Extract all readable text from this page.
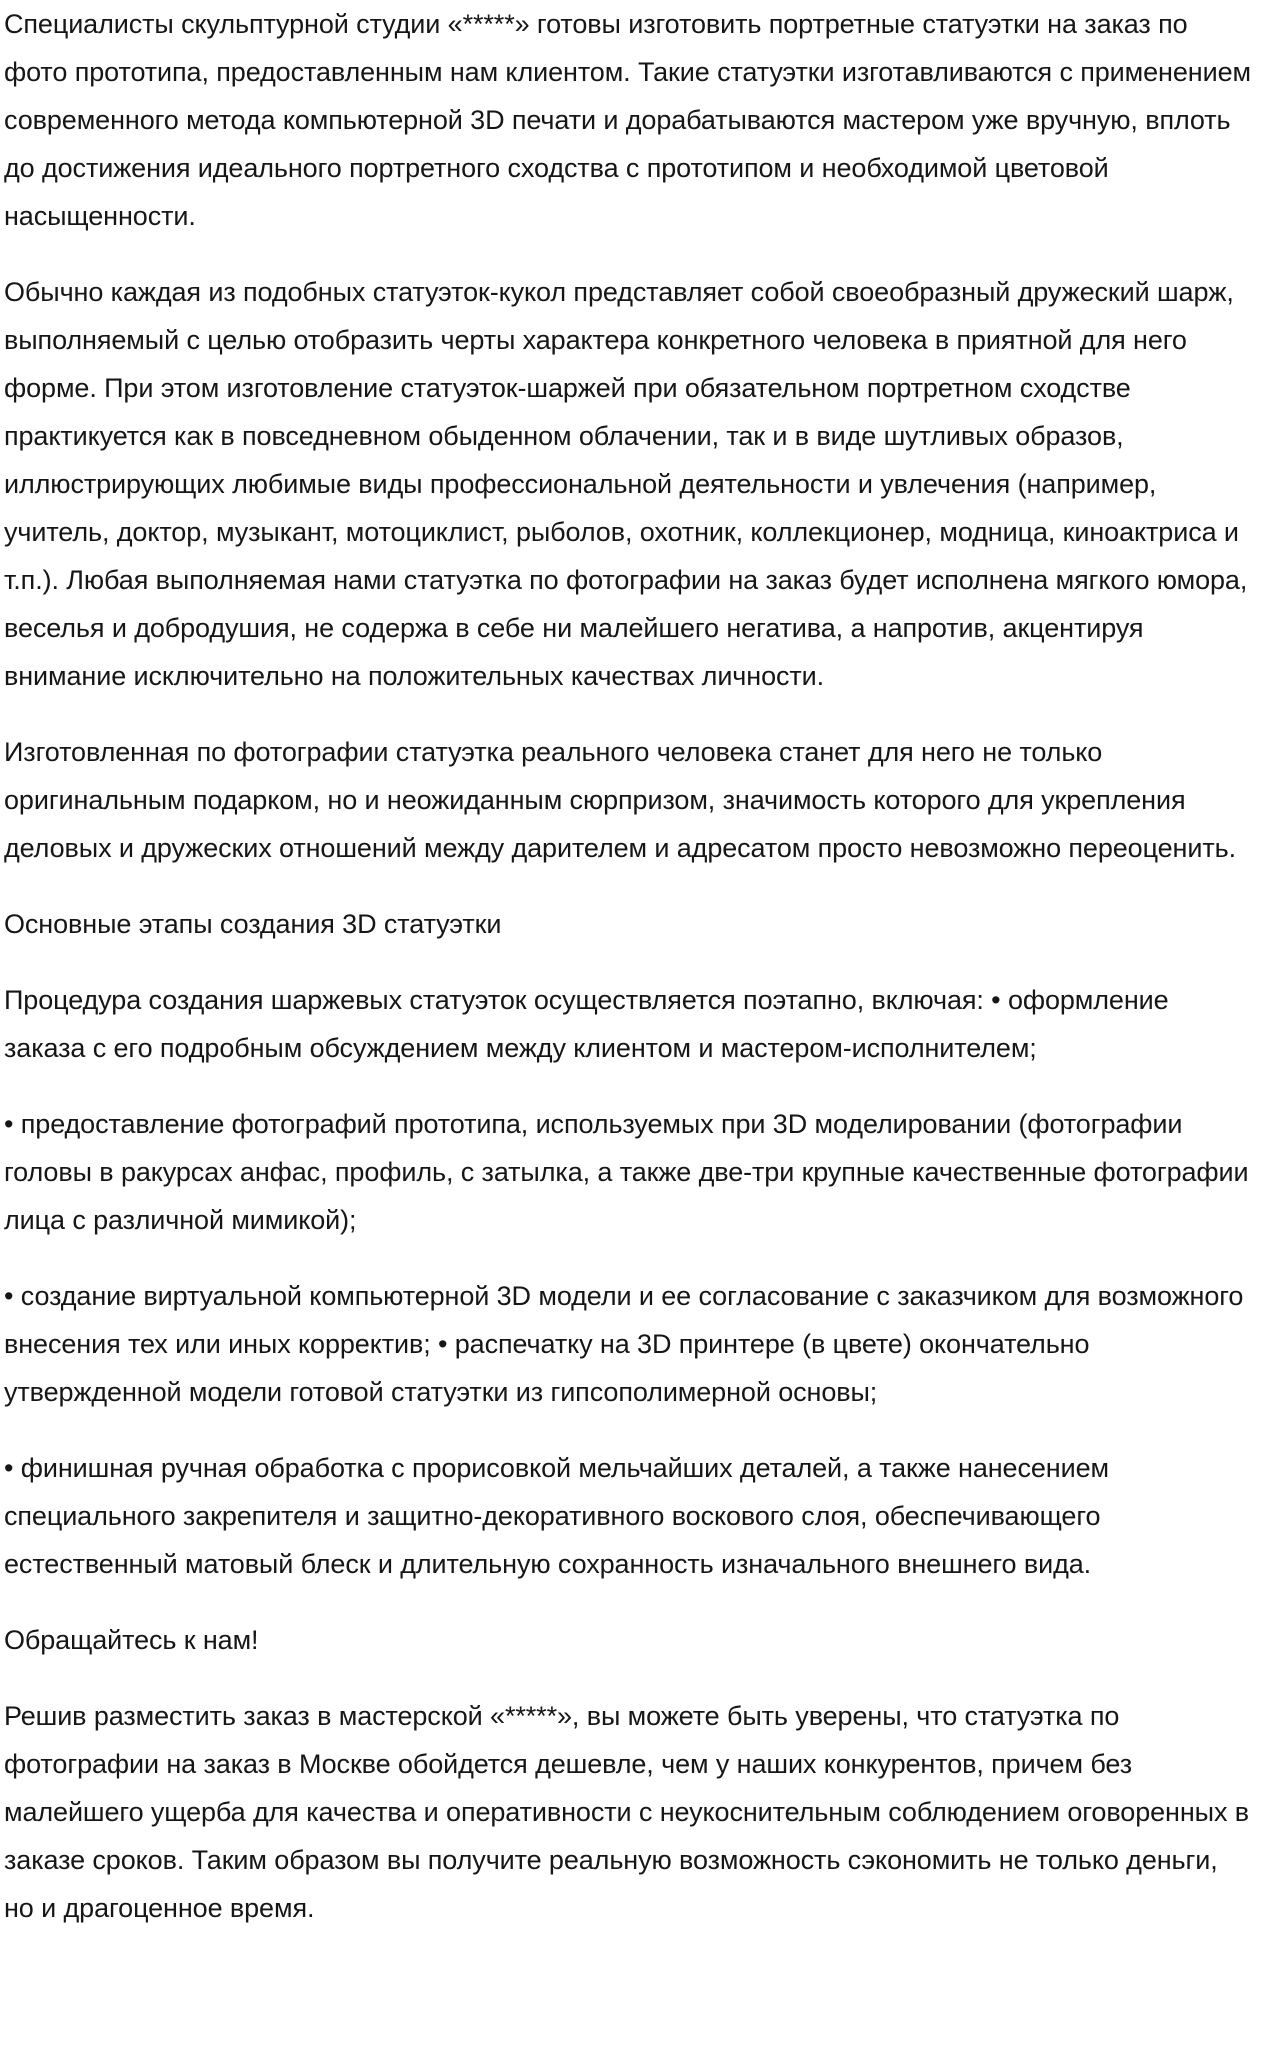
Специалисты скульптурной студии «*****» готовы изготовить портретные статуэтки на заказ по фото прототипа, предоставленным нам клиентом. Такие статуэтки изготавливаются с применением современного метода компьютерной 3D печати и дорабатываются мастером уже вручную, вплоть до достижения идеального портретного сходства с прототипом и необходимой цветовой насыщенности.

Обычно каждая из подобных статуэток-кукол представляет собой своеобразный дружеский шарж, выполняемый с целью отобразить черты характера конкретного человека в приятной для него форме. При этом изготовление статуэток-шаржей при обязательном портретном сходстве практикуется как в повседневном обыденном облачении, так и в виде шутливых образов, иллюстрирующих любимые виды профессиональной деятельности и увлечения (например, учитель, доктор, музыкант, мотоциклист, рыболов, охотник, коллекционер, модница, киноактриса и т.п.). Любая выполняемая нами статуэтка по фотографии на заказ будет исполнена мягкого юмора, веселья и добродушия, не содержа в себе ни малейшего негатива, а напротив, акцентируя внимание исключительно на положительных качествах личности.

Изготовленная по фотографии статуэтка реального человека станет для него не только оригинальным подарком, но и неожиданным сюрпризом, значимость которого для укрепления деловых и дружеских отношений между дарителем и адресатом просто невозможно переоценить.

Основные этапы создания 3D статуэтки

Процедура создания шаржевых статуэток осуществляется поэтапно, включая: • оформление заказа с его подробным обсуждением между клиентом и мастером-исполнителем;

• предоставление фотографий прототипа, используемых при 3D моделировании (фотографии головы в ракурсах анфас, профиль, с затылка, а также две-три крупные качественные фотографии лица с различной мимикой);

• создание виртуальной компьютерной 3D модели и ее согласование с заказчиком для возможного внесения тех или иных корректив; • распечатку на 3D принтере (в цвете) окончательно утвержденной модели готовой статуэтки из гипсополимерной основы;

• финишная ручная обработка с прорисовкой мельчайших деталей, а также нанесением специального закрепителя и защитно-декоративного воскового слоя, обеспечивающего естественный матовый блеск и длительную сохранность изначального внешнего вида.

Обращайтесь к нам!

Решив разместить заказ в мастерской «*****», вы можете быть уверены, что статуэтка по фотографии на заказ в Москве обойдется дешевле, чем у наших конкурентов, причем без малейшего ущерба для качества и оперативности с неукоснительным соблюдением оговоренных в заказе сроков. Таким образом вы получите реальную возможность сэкономить не только деньги, но и драгоценное время.
